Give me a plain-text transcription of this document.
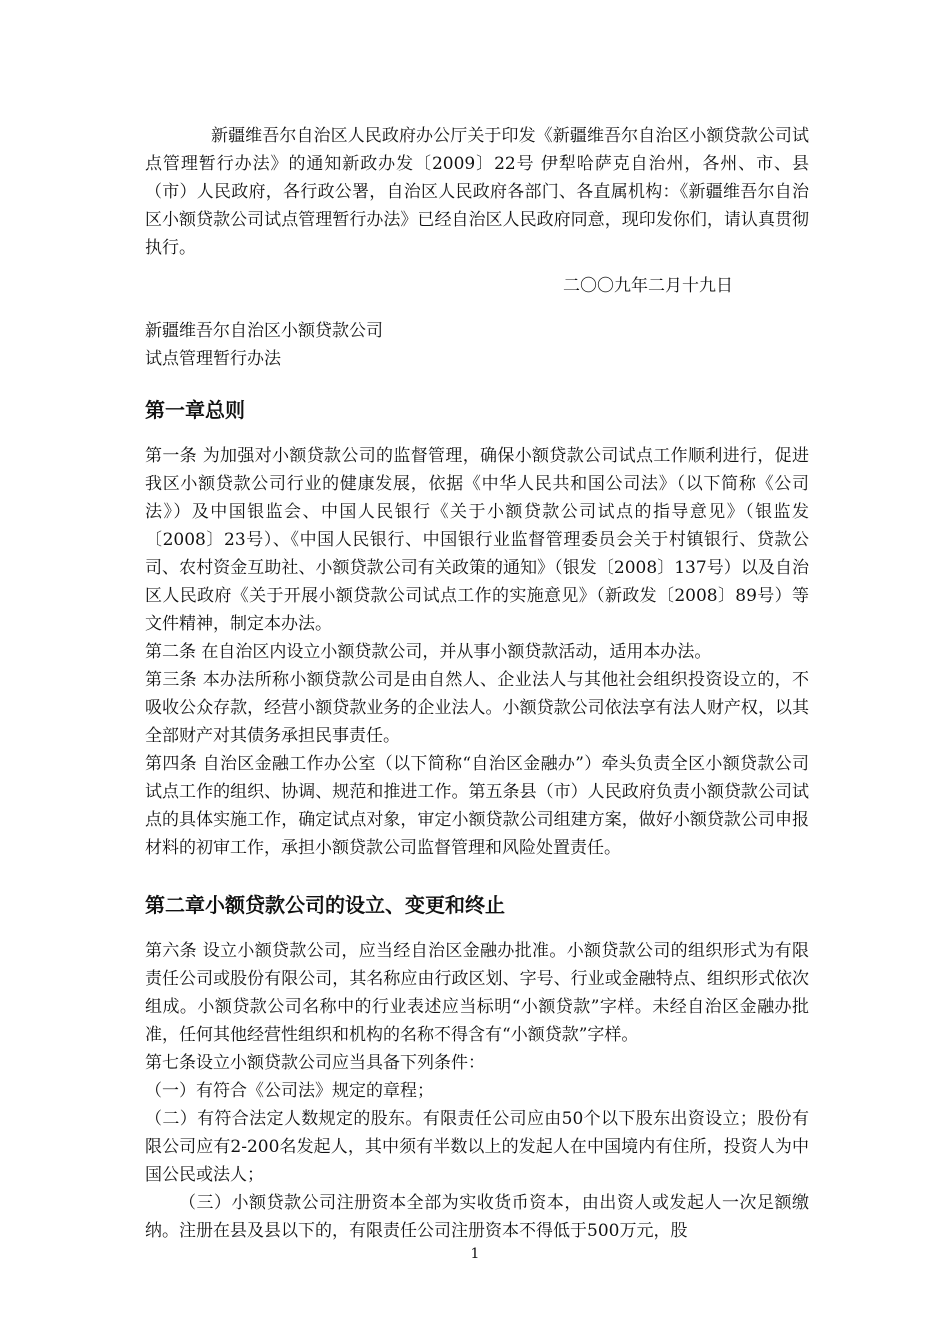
新疆维吾尔自治区人民政府办公厅关于印发《新疆维吾尔自治区小额贷款公司试点管理暂行办法》的通知新政办发〔2009〕22号 伊犁哈萨克自治州，各州、市、县（市）人民政府，各行政公署，自治区人民政府各部门、各直属机构：《新疆维吾尔自治区小额贷款公司试点管理暂行办法》已经自治区人民政府同意，现印发你们，请认真贯彻执行。

二〇〇九年二月十九日

新疆维吾尔自治区小额贷款公司
试点管理暂行办法
第一章总则

第一条 为加强对小额贷款公司的监督管理，确保小额贷款公司试点工作顺利进行，促进我区小额贷款公司行业的健康发展，依据《中华人民共和国公司法》（以下简称《公司法》）及中国银监会、中国人民银行《关于小额贷款公司试点的指导意见》（银监发〔2008〕23号）、《中国人民银行、中国银行业监督管理委员会关于村镇银行、贷款公司、农村资金互助社、小额贷款公司有关政策的通知》（银发〔2008〕137号）以及自治区人民政府《关于开展小额贷款公司试点工作的实施意见》（新政发〔2008〕89号）等文件精神，制定本办法。

第二条 在自治区内设立小额贷款公司，并从事小额贷款活动，适用本办法。

第三条 本办法所称小额贷款公司是由自然人、企业法人与其他社会组织投资设立的，不吸收公众存款，经营小额贷款业务的企业法人。小额贷款公司依法享有法人财产权，以其全部财产对其债务承担民事责任。

第四条 自治区金融工作办公室（以下简称“自治区金融办”）牵头负责全区小额贷款公司试点工作的组织、协调、规范和推进工作。第五条县（市）人民政府负责小额贷款公司试点的具体实施工作，确定试点对象，审定小额贷款公司组建方案，做好小额贷款公司申报材料的初审工作，承担小额贷款公司监督管理和风险处置责任。

第二章小额贷款公司的设立、变更和终止

第六条 设立小额贷款公司，应当经自治区金融办批准。小额贷款公司的组织形式为有限责任公司或股份有限公司，其名称应由行政区划、字号、行业或金融特点、组织形式依次组成。小额贷款公司名称中的行业表述应当标明“小额贷款”字样。未经自治区金融办批准，任何其他经营性组织和机构的名称不得含有“小额贷款”字样。

第七条设立小额贷款公司应当具备下列条件：

（一）有符合《公司法》规定的章程；

（二）有符合法定人数规定的股东。有限责任公司应由50个以下股东出资设立；股份有限公司应有2-200名发起人，其中须有半数以上的发起人在中国境内有住所，投资人为中国公民或法人；

（三）小额贷款公司注册资本全部为实收货币资本，由出资人或发起人一次足额缴纳。注册在县及县以下的，有限责任公司注册资本不得低于500万元，股

1
